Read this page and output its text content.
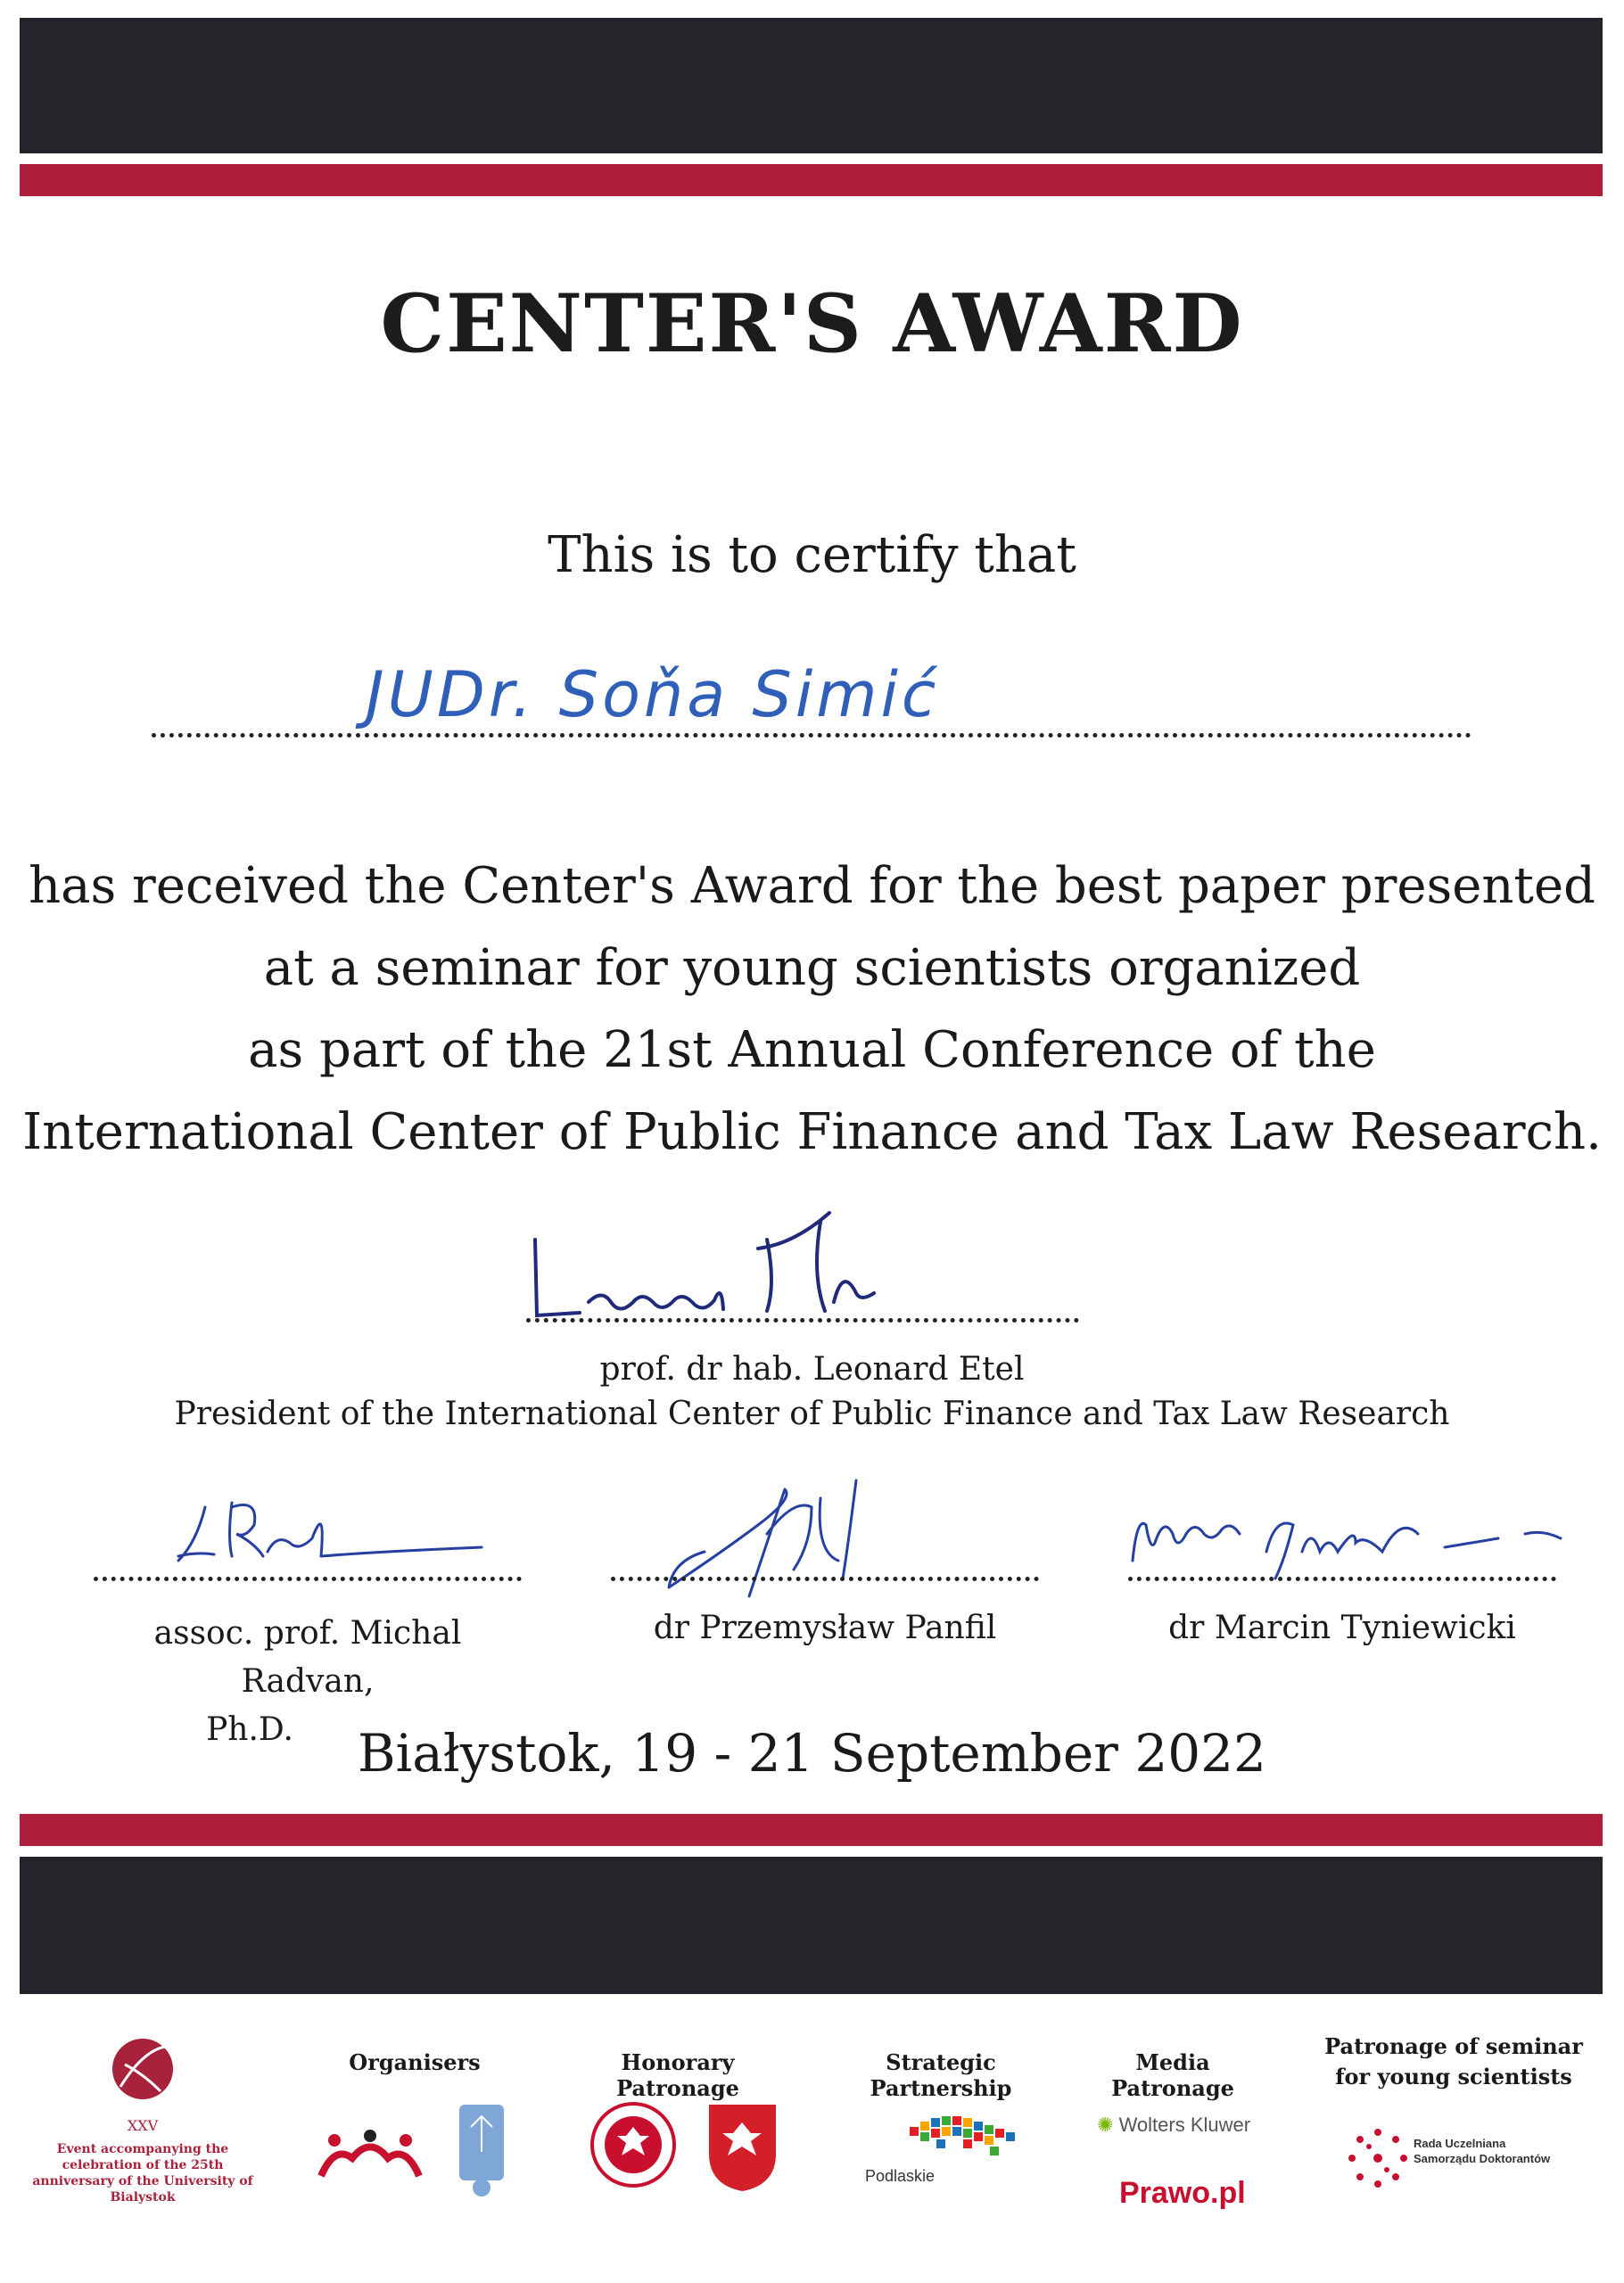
CENTER'S AWARD
This is to certify that
JUDr. Soňa Simić
has received the Center's Award for the best paper presented
at a seminar for young scientists organized
as part of the 21st Annual Conference of the
International Center of Public Finance and Tax Law Research.
prof. dr hab. Leonard Etel
President of the International Center of Public Finance and Tax Law Research
assoc. prof. Michal Radvan,
Ph.D.
dr Przemysław Panfil	dr Marcin Tyniewicki
Białystok, 19 - 21 September 2022
XXV
Event accompanying the celebration of the 25th anniversary of the University of Bialystok
Organisers	Honorary Patronage
Strategic Partnership
Media Patronage
Patronage of seminar for young scientists
Podlaskie
✺ Wolters Kluwer
Prawo.pl
Rada Uczelniana Samorządu Doktorantów
